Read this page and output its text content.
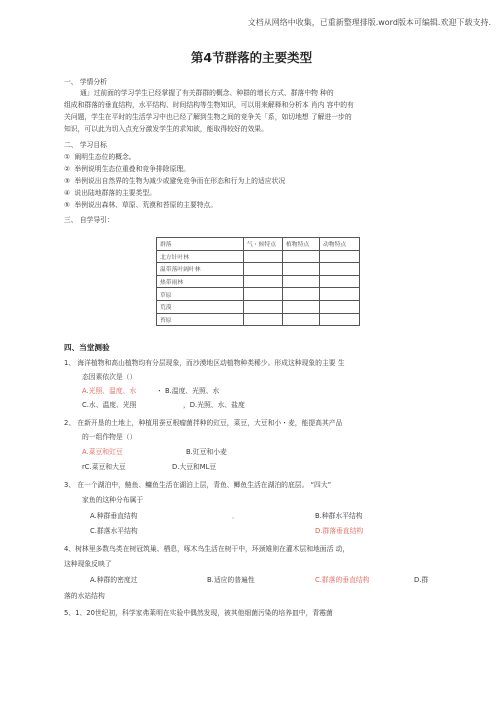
文档从网络中收集，已重新整理排版.word版本可编辑.欢迎下载支持.
第4节群落的主要类型
一、 学情分析
通」过前面的学习学生已经掌握了有关群群的概念、种群的增长方式、群落中物 种的
组成和群落的垂直结构，水平结构、时间结构等生物知识，可以用来解释和分析本 肖内 容中的有
关问题，学生在平时的生活学习中也已经了解到生物之间的竞争关「系，如切地想 了解进一步的
知识，可以此为切入点充分激发学生的求知欲，能取得较好的效果。
二、 学习目标
① 阐明生态位的概念。
② 举例说明生态位重叠和竞争排除原理。
③ 举例说出自然界的生物为减少或避免竞争而在形态和行为上的适应状况
④ 说出陆地群落的主要类型。
⑤ 举例说出森林、草原、荒漠和苔原的主要特点。
三、 自学导引：
群落	气・候特点	植物特点	动物特点
北方针叶林			
温带落叶阔叶林			
热带雨林			
草原			
荒漠			
苔原			
四、当堂测验
1、 海洋植物和高山植物均有分层现象，而沙漠地区动植物种类稀少。形成这种现象的主要 生
态因素依次是（）
A.光照、温度、水	・ B.温度、光照、水
C.水、温度、光照	，D.光照、水、盐度
2、 在新开垦的土地上，种植用蚕豆根瘤菌拌种的豇豆，菜豆，大豆和小・麦，能提高其产品
的一组作物是（）
A.菜豆和豇豆	B.豇豆和小麦
rC.菜豆和大豆	D.大豆和ML豆
3、 在一个湖泊中，鲢鱼、鳙鱼生活在湖泊上层，青鱼、鲫鱼生活在湖泊的底层。 “四大”
家鱼的这种分布属于
A.种群垂直结构	．	B.种群水平结构
C.群落水平结构	D.群落垂直结构
4、树林里多数鸟类在树冠筑巢、栖息，啄木鸟生活在树干中，环颈雉则在灌木层和地面活 动，
这种现象反映了
A.种群的密度过	B.适应的普遍性	C.群落的垂直结构	D.群
落的水站结构
5、1、20世纪初，科学家弗莱明在实验中偶然发现，被其他细菌污染的培养皿中，青霉菌
